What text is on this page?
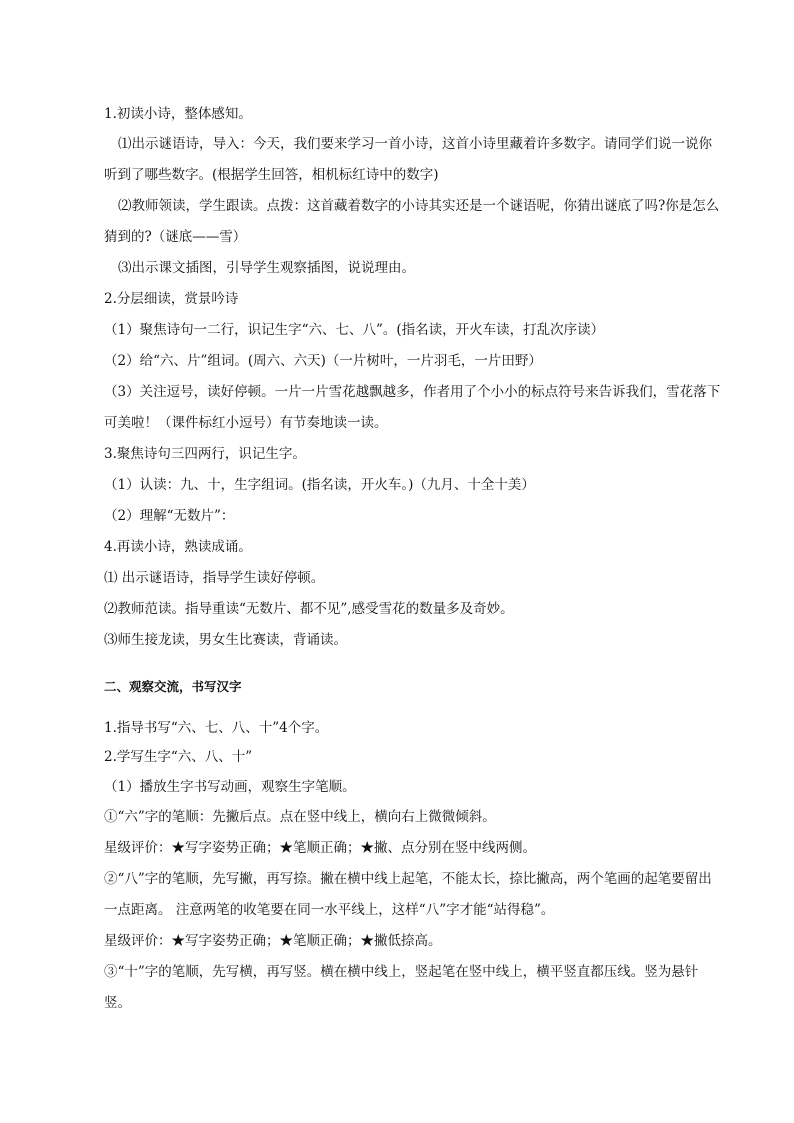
1.初读小诗，整体感知。

⑴出示谜语诗，导入：今天，我们要来学习一首小诗，这首小诗里藏着许多数字。请同学们说一说你听到了哪些数字。(根据学生回答，相机标红诗中的数字)

⑵教师领读，学生跟读。点拨：这首藏着数字的小诗其实还是一个谜语呢，你猜出谜底了吗?你是怎么猜到的?（谜底——雪）

⑶出示课文插图，引导学生观察插图，说说理由。

2.分层细读，赏景吟诗

（1）聚焦诗句一二行，识记生字“六、七、八”。(指名读，开火车读，打乱次序读）

（2）给“六、片”组词。(周六、六天)（一片树叶，一片羽毛，一片田野）

（3）关注逗号，读好停顿。一片一片雪花越飘越多，作者用了个小小的标点符号来告诉我们，雪花落下可美啦！（课件标红小逗号）有节奏地读一读。

3.聚焦诗句三四两行，识记生字。

（1）认读：九、十，生字组词。(指名读，开火车。)（九月、十全十美）

（2）理解“无数片”：

4.再读小诗，熟读成诵。

⑴ 出示谜语诗，指导学生读好停顿。

⑵教师范读。指导重读“无数片、都不见”,感受雪花的数量多及奇妙。

⑶师生接龙读，男女生比赛读，背诵读。

二、观察交流，书写汉字

1.指导书写“六、七、八、十”4个字。

2.学写生字“六、八、十”

（1）播放生字书写动画，观察生字笔顺。

①“六”字的笔顺：先撇后点。点在竖中线上，横向右上微微倾斜。

星级评价：★写字姿势正确；★笔顺正确；★撇、点分别在竖中线两侧。

②“八”字的笔顺，先写撇，再写捺。撇在横中线上起笔，不能太长，捺比撇高，两个笔画的起笔要留出一点距离。 注意两笔的收笔要在同一水平线上，这样“八”字才能“站得稳”。

星级评价：★写字姿势正确；★笔顺正确；★撇低捺高。

③“十”字的笔顺，先写横，再写竖。横在横中线上，竖起笔在竖中线上，横平竖直都压线。竖为悬针竖。
